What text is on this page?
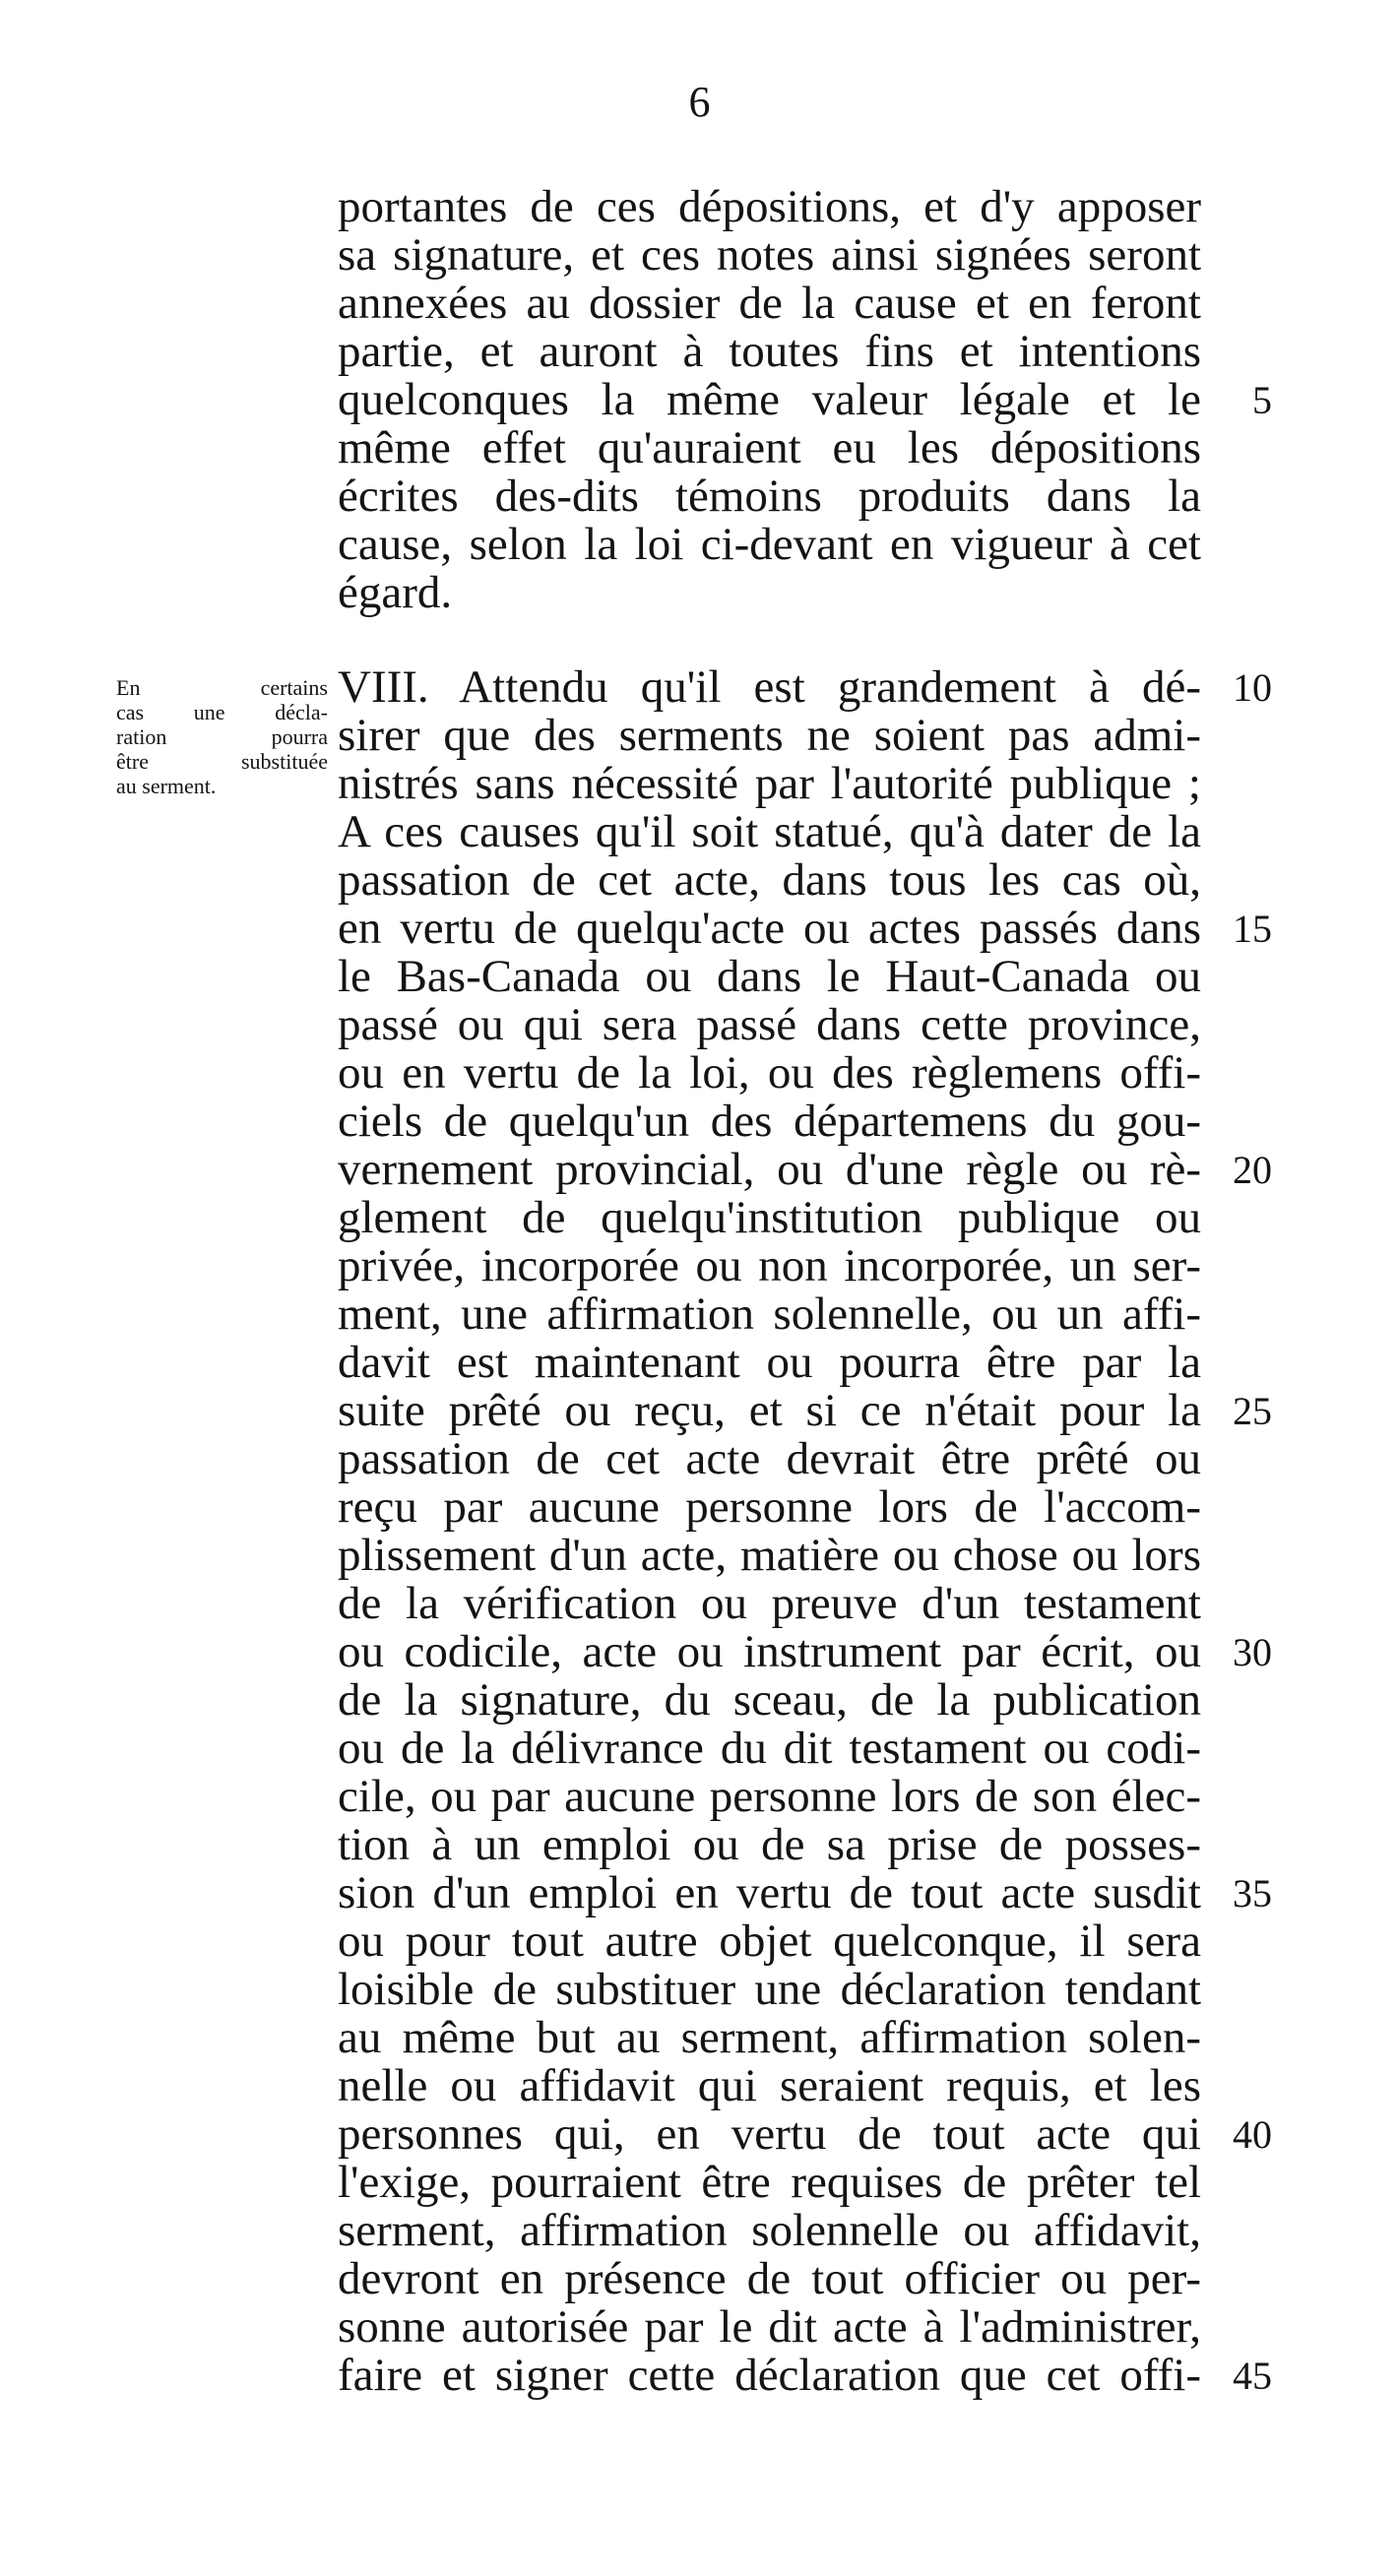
6
En certains
cas une décla-
ration pourra
être substituée
au serment.
portantes de ces dépositions, et d'y apposer
sa signature, et ces notes ainsi signées seront
annexées au dossier de la cause et en feront
partie, et auront à toutes fins et intentions
quelconques la même valeur légale et le
même effet qu'auraient eu les dépositions
écrites des-dits témoins produits dans la
cause, selon la loi ci-devant en vigueur à cet
égard.
VIII. Attendu qu'il est grandement à dé-
sirer que des serments ne soient pas admi-
nistrés sans nécessité par l'autorité publique ;
A ces causes qu'il soit statué, qu'à dater de la
passation de cet acte, dans tous les cas où,
en vertu de quelqu'acte ou actes passés dans
le Bas-Canada ou dans le Haut-Canada ou
passé ou qui sera passé dans cette province,
ou en vertu de la loi, ou des règlemens offi-
ciels de quelqu'un des départemens du gou-
vernement provincial, ou d'une règle ou rè-
glement de quelqu'institution publique ou
privée, incorporée ou non incorporée, un ser-
ment, une affirmation solennelle, ou un affi-
davit est maintenant ou pourra être par la
suite prêté ou reçu, et si ce n'était pour la
passation de cet acte devrait être prêté ou
reçu par aucune personne lors de l'accom-
plissement d'un acte, matière ou chose ou lors
de la vérification ou preuve d'un testament
ou codicile, acte ou instrument par écrit, ou
de la signature, du sceau, de la publication
ou de la délivrance du dit testament ou codi-
cile, ou par aucune personne lors de son élec-
tion à un emploi ou de sa prise de posses-
sion d'un emploi en vertu de tout acte susdit
ou pour tout autre objet quelconque, il sera
loisible de substituer une déclaration tendant
au même but au serment, affirmation solen-
nelle ou affidavit qui seraient requis, et les
personnes qui, en vertu de tout acte qui
l'exige, pourraient être requises de prêter tel
serment, affirmation solennelle ou affidavit,
devront en présence de tout officier ou per-
sonne autorisée par le dit acte à l'administrer,
faire et signer cette déclaration que cet offi-
5
10
15
20
25
30
35
40
45
